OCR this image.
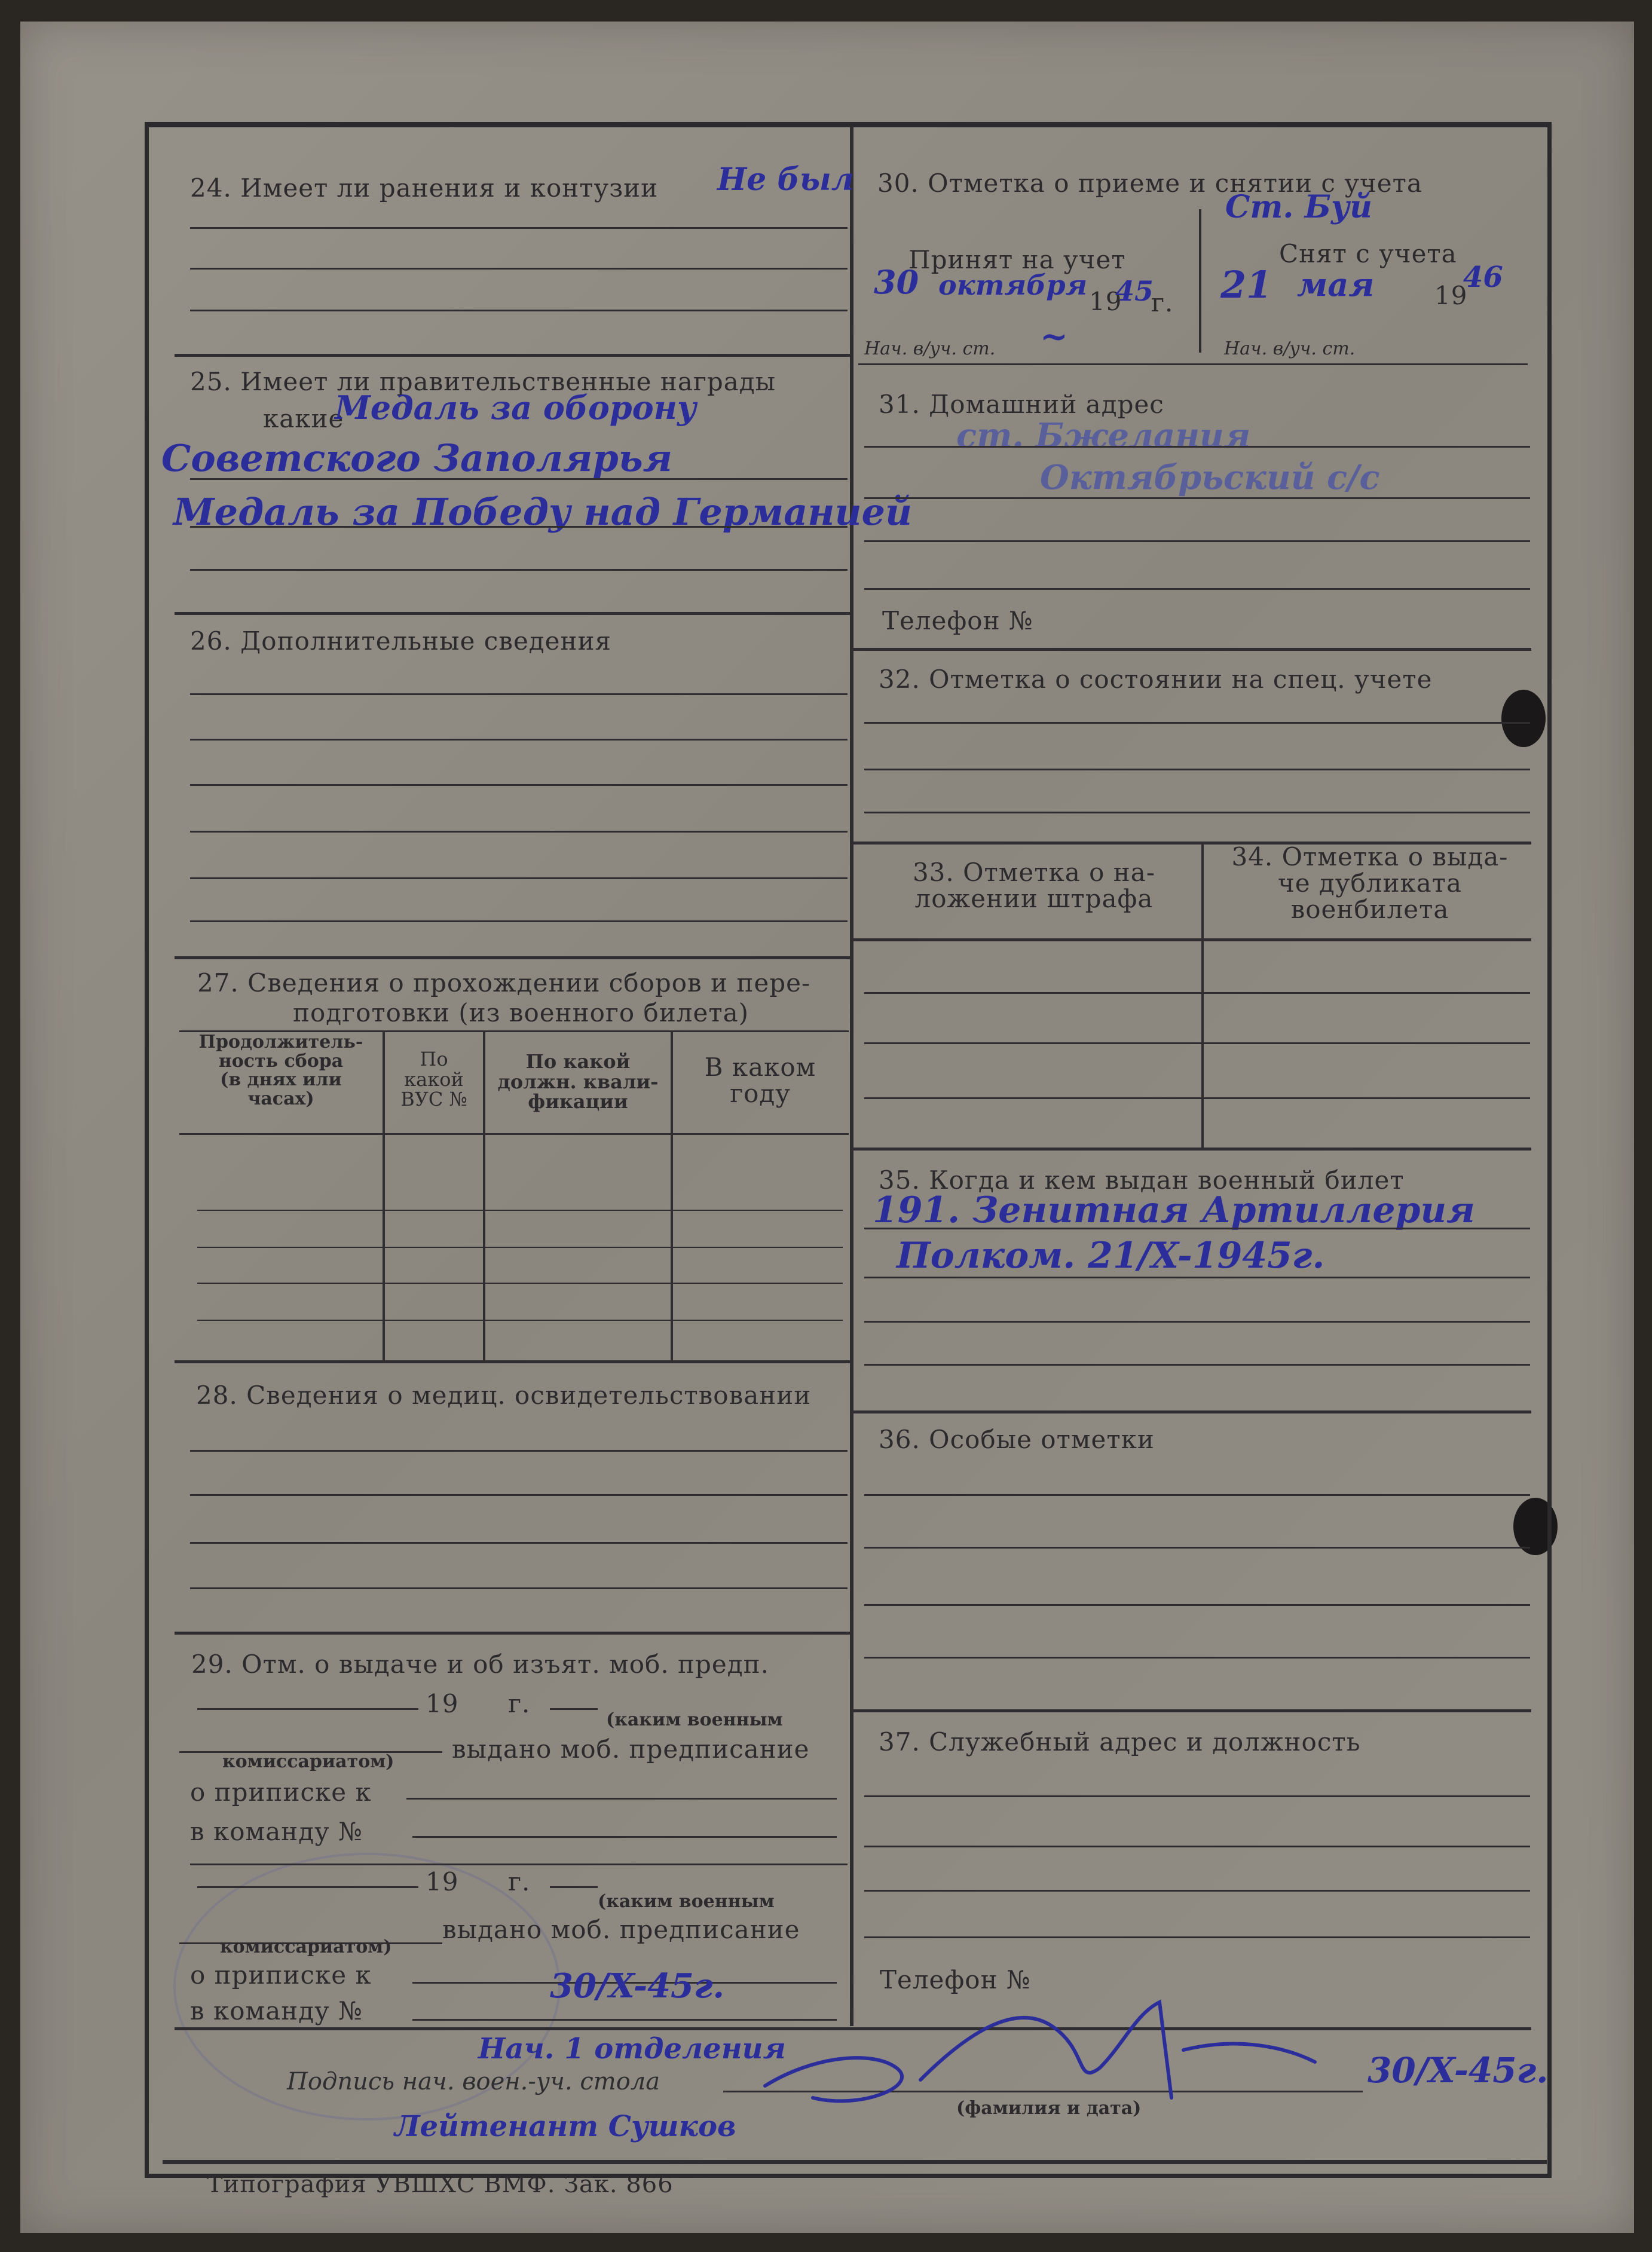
24. Имеет ли ранения и контузии Не был
25. Имеет ли правительственные награды
какие
Медаль за оборону
Советского Заполярья
Медаль за Победу над Германией
26. Дополнительные сведения
27. Сведения о прохождении сборов и пере-
подготовки (из военного билета)
Продолжитель-
ность сбора
(в днях или
часах)
По
какой
ВУС №
По какой
должн. квали-
фикации
В каком
году
28. Сведения о медиц. освидетельствовании
29. Отм. о выдаче и об изъят. моб. предп.
19 г.
(каким военным
комиссариатом) выдано моб. предписание
о приписке к
в команду №
19 г.
(каким военным
выдано моб. предписание
комиссариатом)
о приписке к
в команду №
30/X-45г.
30. Отметка о приеме и снятии с учета
Ст. Буй
Принят на учет	Снят с учета
30 октября
19
45
г. 21 мая 19
46
Нач. в/уч. ст. ~	Нач. в/уч. ст.
31. Домашний адрес
ст. Бжелания
Октябрьский с/с
Телефон №
32. Отметка о состоянии на спец. учете
33. Отметка о на-
ложении штрафа
34. Отметка о выда-
че дубликата
военбилета
35. Когда и кем выдан военный билет
191. Зенитная Артиллерия
Полком. 21/X-1945г.
36. Особые отметки
37. Служебный адрес и должность
Телефон №
Подпись нач. воен.-уч. стола
Нач. 1 отделения
Лейтенант Сушков
(фамилия и дата)
30/X-45г.
Типография УВШХС ВМФ. Зак. 866
